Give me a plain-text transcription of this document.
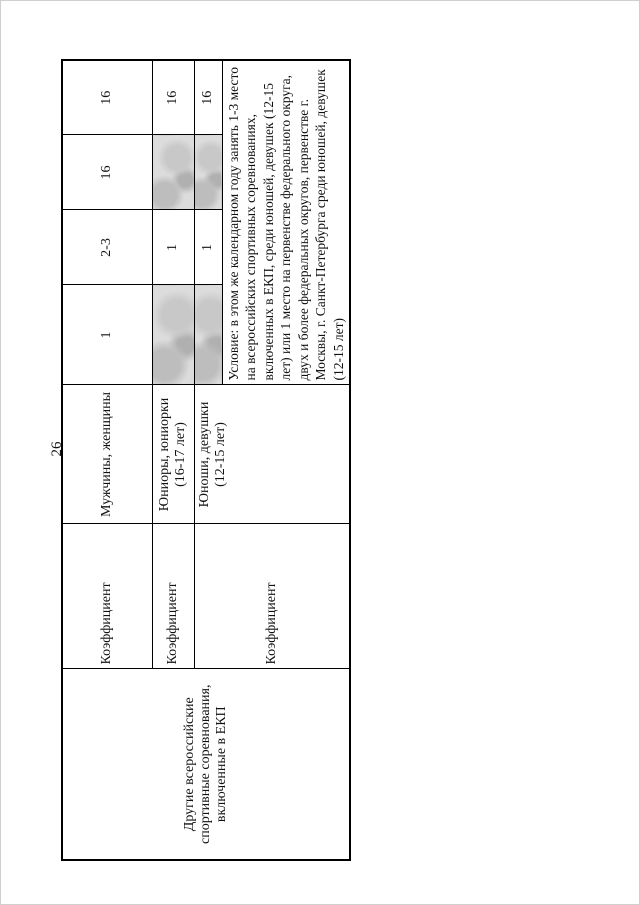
26
Другие всероссийские спортивные соревнования, включенные в ЕКП	Коэффициент	Мужчины, женщины	1	2-3	16	16
	Коэффициент	Юниоры, юниорки (16-17 лет)		1		16
	Коэффициент	Юноши, девушки (12-15 лет)		1		16
			Условие: в этом же календарном году занять 1-3 место на всероссийских спортивных соревнованиях, включенных в ЕКП, среди юношей, девушек (12-15 лет) или 1 место на первенстве федерального округа, двух и более федеральных округов, первенстве г. Москвы, г. Санкт-Петербурга среди юношей, девушек (12-15 лет)			
